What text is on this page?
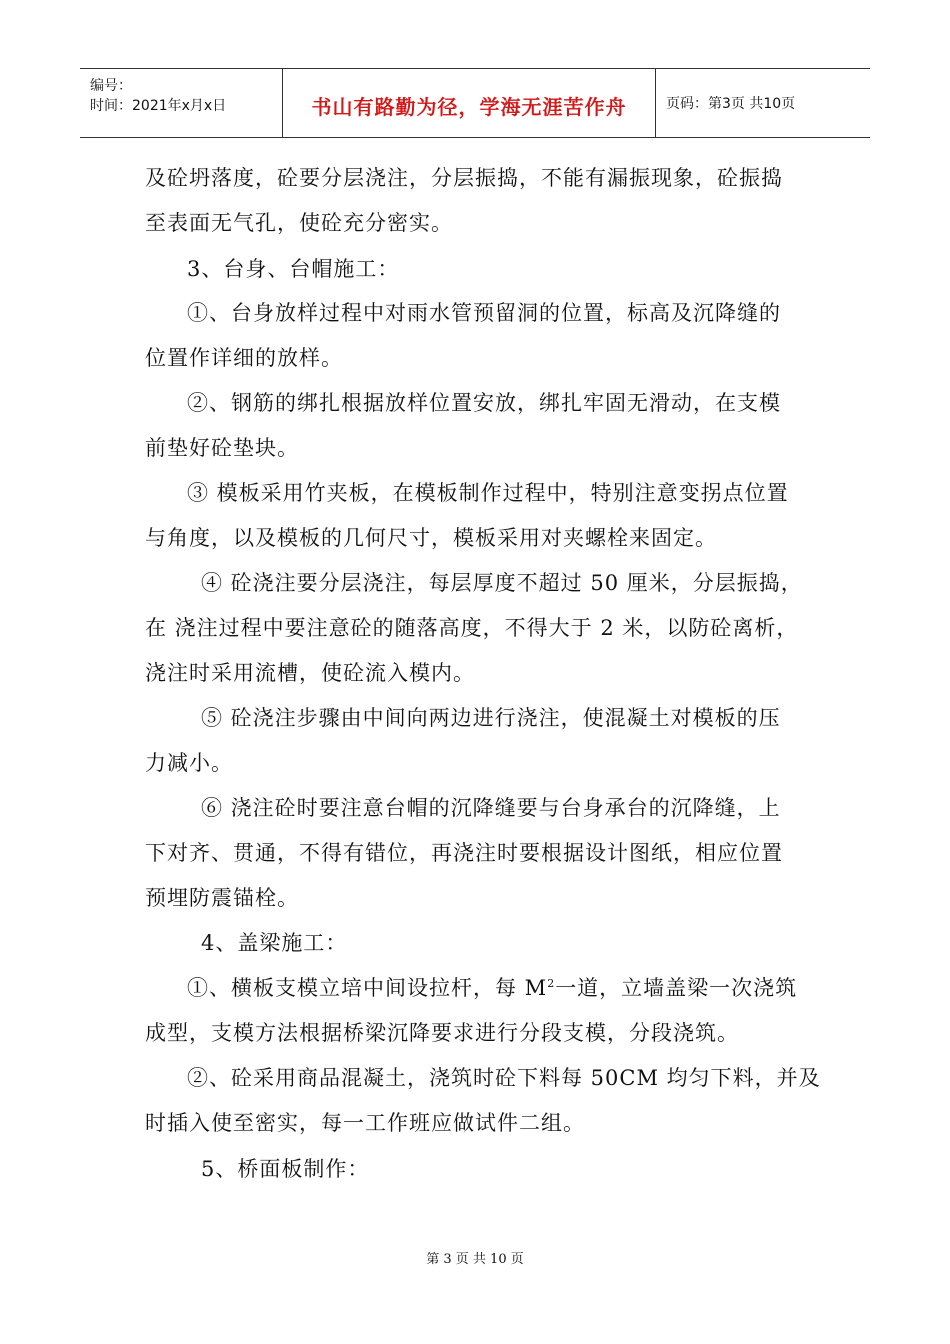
编号：
时间：2021年x月x日	书山有路勤为径，学海无涯苦作舟	页码：第3页 共10页
及砼坍落度，砼要分层浇注，分层振捣，不能有漏振现象，砼振捣
至表面无气孔，使砼充分密实。
3、台身、台帽施工：
①、台身放样过程中对雨水管预留洞的位置，标高及沉降缝的
位置作详细的放样。
②、钢筋的绑扎根据放样位置安放，绑扎牢固无滑动，在支模
前垫好砼垫块。
③ 模板采用竹夹板，在模板制作过程中，特别注意变拐点位置
与角度，以及模板的几何尺寸，模板采用对夹螺栓来固定。
④ 砼浇注要分层浇注，每层厚度不超过 50 厘米，分层振捣，
在 浇注过程中要注意砼的随落高度，不得大于 2 米，以防砼离析，
浇注时采用流槽，使砼流入模内。
⑤ 砼浇注步骤由中间向两边进行浇注，使混凝土对模板的压
力减小。
⑥ 浇注砼时要注意台帽的沉降缝要与台身承台的沉降缝，上
下对齐、贯通，不得有错位，再浇注时要根据设计图纸，相应位置
预埋防震锚栓。
4、盖梁施工：
①、横板支模立培中间设拉杆，每 $M^2$一道，立墙盖梁一次浇筑
成型，支模方法根据桥梁沉降要求进行分段支模，分段浇筑。
②、砼采用商品混凝土，浇筑时砼下料每 50CM 均匀下料，并及
时插入使至密实，每一工作班应做试件二组。
5、桥面板制作：
第 3 页 共 10 页
